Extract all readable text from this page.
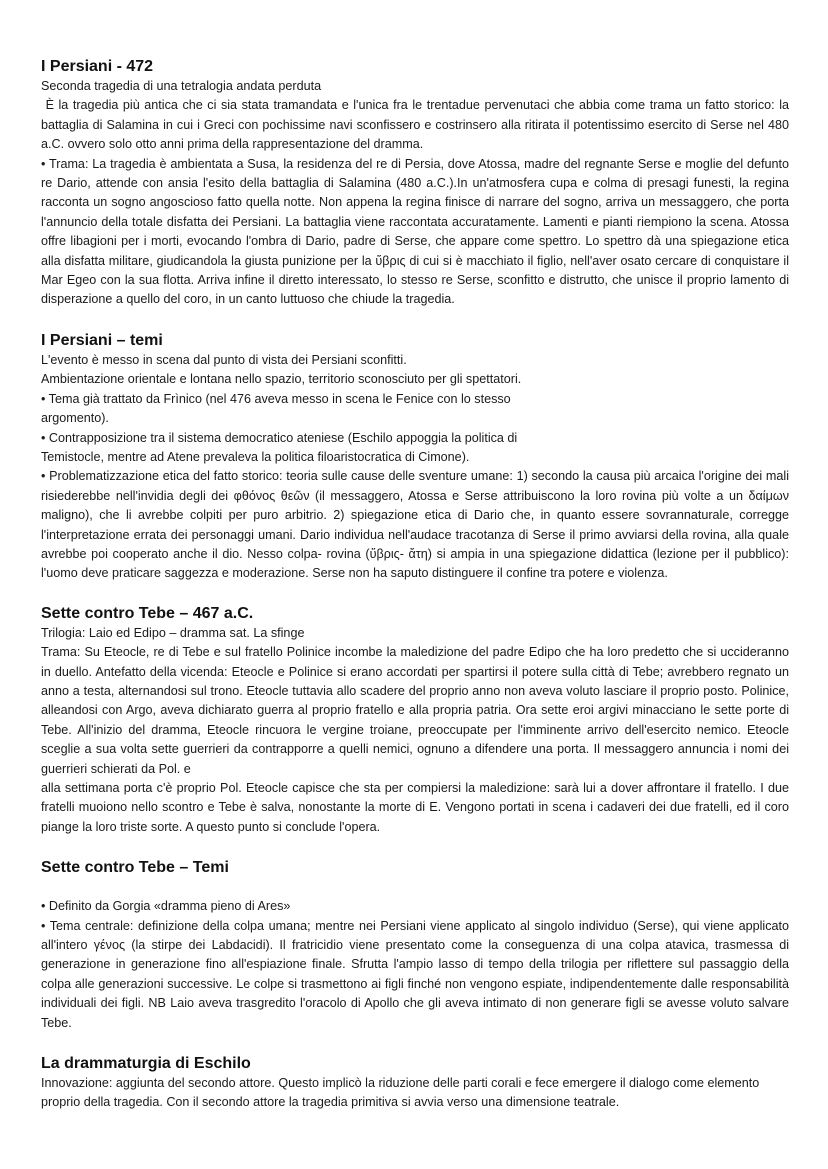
I Persiani - 472

Seconda tragedia di una tetralogia andata perduta

È la tragedia più antica che ci sia stata tramandata e l'unica fra le trentadue pervenutaci che abbia come trama un fatto storico: la battaglia di Salamina in cui i Greci con pochissime navi sconfissero e costrinsero alla ritirata il potentissimo esercito di Serse nel 480 a.C. ovvero solo otto anni prima della rappresentazione del dramma.

• Trama: La tragedia è ambientata a Susa, la residenza del re di Persia, dove Atossa, madre del regnante Serse e moglie del defunto re Dario, attende con ansia l'esito della battaglia di Salamina (480 a.C.).In un'atmosfera cupa e colma di presagi funesti, la regina racconta un sogno angoscioso fatto quella notte. Non appena la regina finisce di narrare del sogno, arriva un messaggero, che porta l'annuncio della totale disfatta dei Persiani. La battaglia viene raccontata accuratamente. Lamenti e pianti riempiono la scena. Atossa offre libagioni per i morti, evocando l'ombra di Dario, padre di Serse, che appare come spettro. Lo spettro dà una spiegazione etica alla disfatta militare, giudicandola la giusta punizione per la ὕβρις di cui si è macchiato il figlio, nell'aver osato cercare di conquistare il Mar Egeo con la sua flotta. Arriva infine il diretto interessato, lo stesso re Serse, sconfitto e distrutto, che unisce il proprio lamento di disperazione a quello del coro, in un canto luttuoso che chiude la tragedia.

I Persiani – temi

L'evento è messo in scena dal punto di vista dei Persiani sconfitti.

Ambientazione orientale e lontana nello spazio, territorio sconosciuto per gli spettatori.

• Tema già trattato da Frìnico (nel 476 aveva messo in scena le Fenice con lo stesso

argomento).

• Contrapposizione tra il sistema democratico ateniese (Eschilo appoggia la politica di

Temistocle, mentre ad Atene prevaleva la politica filoaristocratica di Cimone).

• Problematizzazione etica del fatto storico: teoria sulle cause delle sventure umane: 1) secondo la causa più arcaica l'origine dei mali risiederebbe nell'invidia degli dei φθόνος θεῶν (il messaggero, Atossa e Serse attribuiscono la loro rovina più volte a un δαίμων maligno), che li avrebbe colpiti per puro arbitrio. 2) spiegazione etica di Dario che, in quanto essere sovrannaturale, corregge l'interpretazione errata dei personaggi umani. Dario individua nell'audace tracotanza di Serse il primo avviarsi della rovina, alla quale avrebbe poi cooperato anche il dio. Nesso colpa- rovina (ὕβρις- ἄτη) si ampia in una spiegazione didattica (lezione per il pubblico): l'uomo deve praticare saggezza e moderazione. Serse non ha saputo distinguere il confine tra potere e violenza.

Sette contro Tebe – 467 a.C.

Trilogia: Laio ed Edipo – dramma sat. La sfinge

Trama: Su Eteocle, re di Tebe e sul fratello Polinice incombe la maledizione del padre Edipo che ha loro predetto che si uccideranno in duello. Antefatto della vicenda: Eteocle e Polinice si erano accordati per spartirsi il potere sulla città di Tebe; avrebbero regnato un anno a testa, alternandosi sul trono. Eteocle tuttavia allo scadere del proprio anno non aveva voluto lasciare il proprio posto. Polinice, alleandosi con Argo, aveva dichiarato guerra al proprio fratello e alla propria patria. Ora sette eroi argivi minacciano le sette porte di Tebe. All'inizio del dramma, Eteocle rincuora le vergine troiane, preoccupate per l'imminente arrivo dell'esercito nemico. Eteocle sceglie a sua volta sette guerrieri da contrapporre a quelli nemici, ognuno a difendere una porta. Il messaggero annuncia i nomi dei guerrieri schierati da Pol. e

alla settimana porta c'è proprio Pol. Eteocle capisce che sta per compiersi la maledizione: sarà lui a dover affrontare il fratello. I due fratelli muoiono nello scontro e Tebe è salva, nonostante la morte di E. Vengono portati in scena i cadaveri dei due fratelli, ed il coro piange la loro triste sorte. A questo punto si conclude l'opera.

Sette contro Tebe – Temi

• Definito da Gorgia «dramma pieno di Ares»

• Tema centrale: definizione della colpa umana; mentre nei Persiani viene applicato al singolo individuo (Serse), qui viene applicato all'intero γένος (la stirpe dei Labdacidi). Il fratricidio viene presentato come la conseguenza di una colpa atavica, trasmessa di generazione in generazione fino all'espiazione finale. Sfrutta l'ampio lasso di tempo della trilogia per riflettere sul passaggio della colpa alle generazioni successive. Le colpe si trasmettono ai figli finché non vengono espiate, indipendentemente dalle responsabilità individuali dei figli. NB Laio aveva trasgredito l'oracolo di Apollo che gli aveva intimato di non generare figli se avesse voluto salvare Tebe.

La drammaturgia di Eschilo

Innovazione: aggiunta del secondo attore. Questo implicò la riduzione delle parti corali e fece emergere il dialogo come elemento proprio della tragedia. Con il secondo attore la tragedia primitiva si avvia verso una dimensione teatrale.
